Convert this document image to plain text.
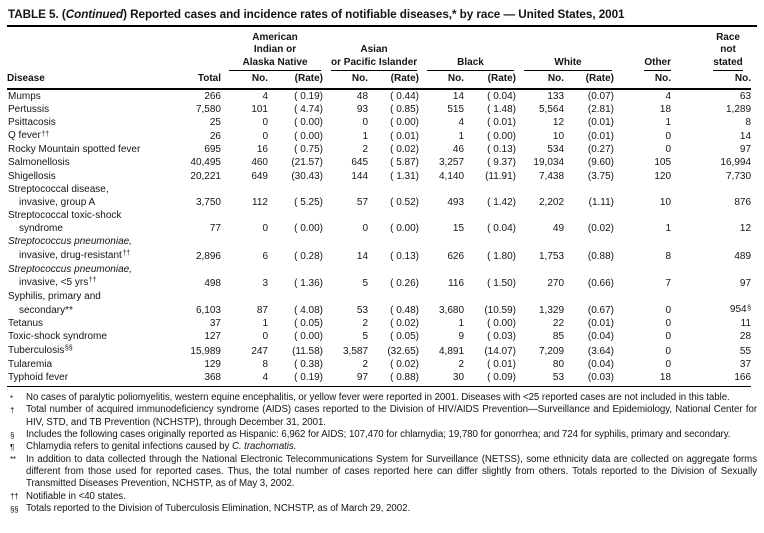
TABLE 5. (Continued) Reported cases and incidence rates of notifiable diseases,* by race — United States, 2001

American
Indian or
Alaska Native

Asian
or Pacific Islander	Black	White	Other	
Race
not
stated

Disease	Total	No.	(Rate)	No.	(Rate)	No.	(Rate)	No.	(Rate)	No.	No.
Mumps	266	4	( 0.19)	48	( 0.44)	14	( 0.04)	133	(0.07)	4	63
Pertussis	7,580	101	( 4.74)	93	( 0.85)	515	( 1.48)	5,564	(2.81)	18	1,289
Psittacosis	25	0	( 0.00)	0	( 0.00)	4	( 0.01)	12	(0.01)	1	8
Q fever††	26	0	( 0.00)	1	( 0.01)	1	( 0.00)	10	(0.01)	0	14
Rocky Mountain spotted fever	695	16	( 0.75)	2	( 0.02)	46	( 0.13)	534	(0.27)	0	97
Salmonellosis	40,495	460	(21.57)	645	( 5.87)	3,257	( 9.37)	19,034	(9.60)	105	16,994
Shigellosis	20,221	649	(30.43)	144	( 1.31)	4,140	(11.91)	7,438	(3.75)	120	7,730
Streptococcal disease,											
invasive, group A	3,750	112	( 5.25)	57	( 0.52)	493	( 1.42)	2,202	(1.11)	10	876
Streptococcal toxic-shock											
syndrome	77	0	( 0.00)	0	( 0.00)	15	( 0.04)	49	(0.02)	1	12
Streptococcus pneumoniae,											
invasive, drug-resistant††	2,896	6	( 0.28)	14	( 0.13)	626	( 1.80)	1,753	(0.88)	8	489
Streptococcus pneumoniae,											
invasive, <5 yrs††	498	3	( 1.36)	5	( 0.26)	116	( 1.50)	270	(0.66)	7	97
Syphilis, primary and											
secondary**	6,103	87	( 4.08)	53	( 0.48)	3,680	(10.59)	1,329	(0.67)	0	954§
Tetanus	37	1	( 0.05)	2	( 0.02)	1	( 0.00)	22	(0.01)	0	11
Toxic-shock syndrome	127	0	( 0.00)	5	( 0.05)	9	( 0.03)	85	(0.04)	0	28
Tuberculosis§§	15,989	247	(11.58)	3,587	(32.65)	4,891	(14.07)	7,209	(3.64)	0	55
Tularemia	129	8	( 0.38)	2	( 0.02)	2	( 0.01)	80	(0.04)	0	37
Typhoid fever	368	4	( 0.19)	97	( 0.88)	30	( 0.09)	53	(0.03)	18	166
*	No cases of paralytic poliomyelitis, western equine encephalitis, or yellow fever were reported in 2001. Diseases with <25 reported cases are not included in this table.
†	Total number of acquired immunodeficiency syndrome (AIDS) cases reported to the Division of HIV/AIDS Prevention—Surveillance and Epidemiology, National Center for HIV, STD, and TB Prevention (NCHSTP), through December 31, 2001.
§	Includes the following cases originally reported as Hispanic: 6,962 for AIDS; 107,470 for chlamydia; 19,780 for gonorrhea; and 724 for syphilis, primary and secondary.
¶	Chlamydia refers to genital infections caused by C. trachomatis.
**	In addition to data collected through the National Electronic Telecommunications System for Surveillance (NETSS), some ethnicity data are collected on aggregate forms different from those used for reported cases. Thus, the total number of cases reported here can differ slightly from others. Totals reported to the Division of Sexually Transmitted Diseases Prevention, NCHSTP, as of May 3, 2002.
†† Notifiable in <40 states.
§§ Totals reported to the Division of Tuberculosis Elimination, NCHSTP, as of March 29, 2002.
